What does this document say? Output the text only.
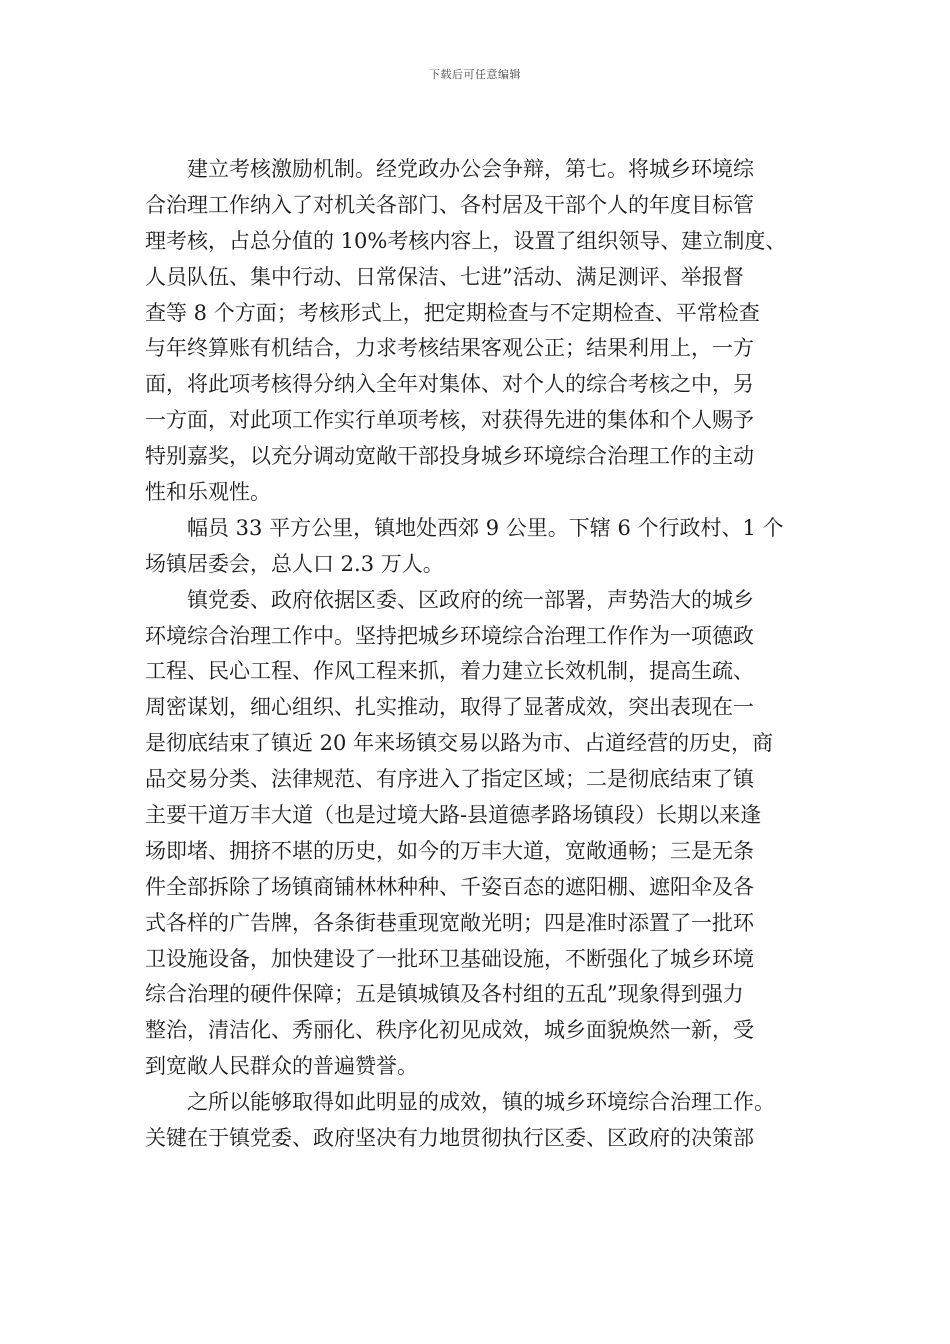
下载后可任意编辑
建立考核激励机制。经党政办公会争辩，第七。将城乡环境综
合治理工作纳入了对机关各部门、各村居及干部个人的年度目标管
理考核，占总分值的 10%考核内容上，设置了组织领导、建立制度、
人员队伍、集中行动、日常保洁、七进”活动、满足测评、举报督
查等 8 个方面；考核形式上，把定期检查与不定期检查、平常检查
与年终算账有机结合，力求考核结果客观公正；结果利用上，一方
面，将此项考核得分纳入全年对集体、对个人的综合考核之中，另
一方面，对此项工作实行单项考核，对获得先进的集体和个人赐予
特别嘉奖，以充分调动宽敞干部投身城乡环境综合治理工作的主动
性和乐观性。
幅员 33 平方公里，镇地处西郊 9 公里。下辖 6 个行政村、1 个
场镇居委会，总人口 2.3 万人。
镇党委、政府依据区委、区政府的统一部署，声势浩大的城乡
环境综合治理工作中。坚持把城乡环境综合治理工作作为一项德政
工程、民心工程、作风工程来抓，着力建立长效机制，提高生疏、
周密谋划，细心组织、扎实推动，取得了显著成效，突出表现在一
是彻底结束了镇近 20 年来场镇交易以路为市、占道经营的历史，商
品交易分类、法律规范、有序进入了指定区域；二是彻底结束了镇
主要干道万丰大道（也是过境大路-县道德孝路场镇段）长期以来逢
场即堵、拥挤不堪的历史，如今的万丰大道，宽敞通畅；三是无条
件全部拆除了场镇商铺林林种种、千姿百态的遮阳棚、遮阳伞及各
式各样的广告牌，各条街巷重现宽敞光明；四是准时添置了一批环
卫设施设备，加快建设了一批环卫基础设施，不断强化了城乡环境
综合治理的硬件保障；五是镇城镇及各村组的五乱”现象得到强力
整治，清洁化、秀丽化、秩序化初见成效，城乡面貌焕然一新，受
到宽敞人民群众的普遍赞誉。
之所以能够取得如此明显的成效，镇的城乡环境综合治理工作。
关键在于镇党委、政府坚决有力地贯彻执行区委、区政府的决策部
